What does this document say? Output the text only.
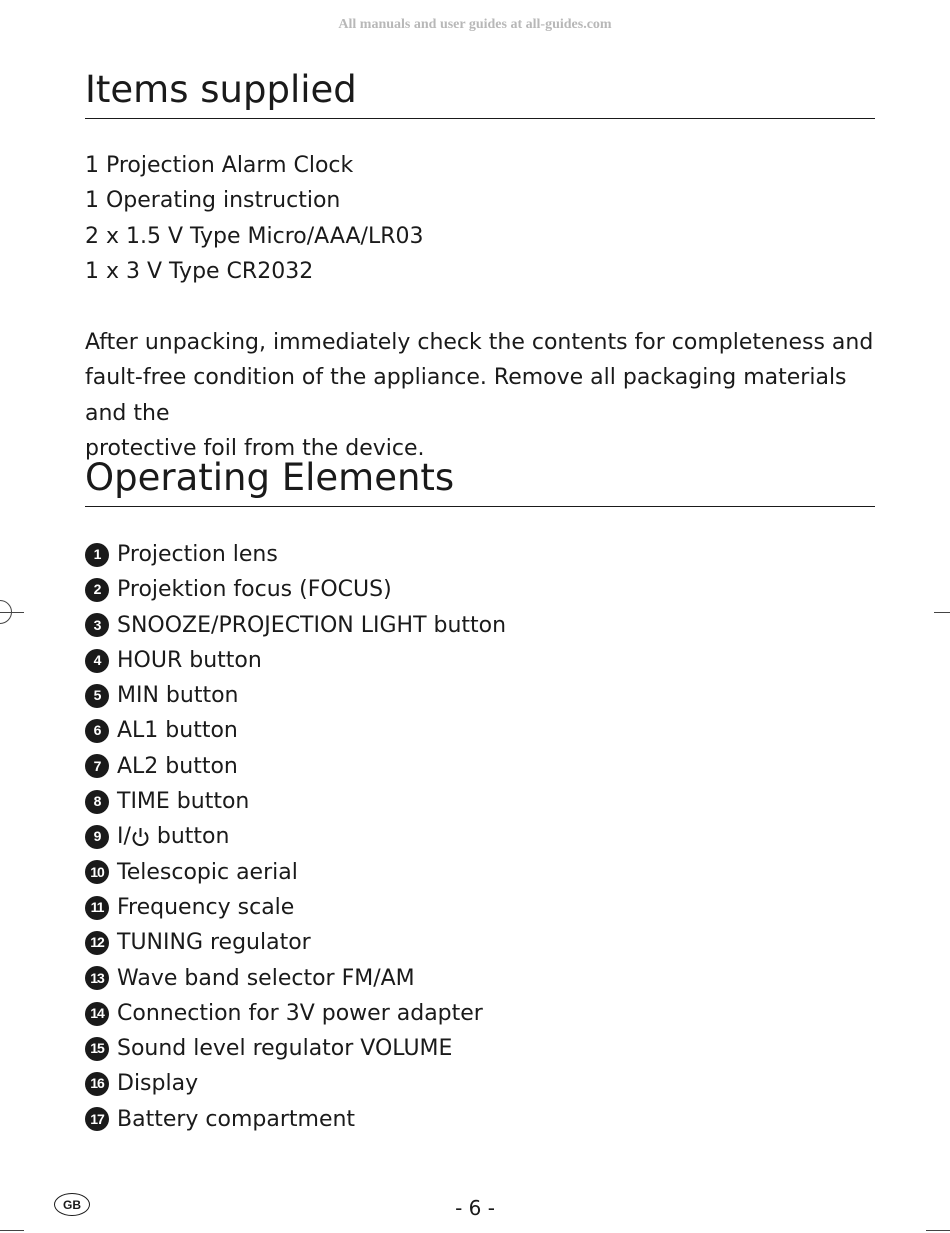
All manuals and user guides at all-guides.com
Items supplied
1 Projection Alarm Clock
1 Operating instruction
2 x 1.5 V Type Micro/AAA/LR03
1 x 3 V Type CR2032

After unpacking, immediately check the contents for completeness and
fault-free condition of the appliance. Remove all packaging materials and the
protective foil from the device.

Operating Elements
1 Projection lens
2 Projektion focus (FOCUS)
3 SNOOZE/PROJECTION LIGHT button
4 HOUR button
5 MIN button
6 AL1 button
7 AL2 button
8 TIME button
9 I/ button
10 Telescopic aerial
11 Frequency scale
12 TUNING regulator
13 Wave band selector FM/AM
14 Connection for 3V power adapter
15 Sound level regulator VOLUME
16 Display
17 Battery compartment
GB	- 6 -
